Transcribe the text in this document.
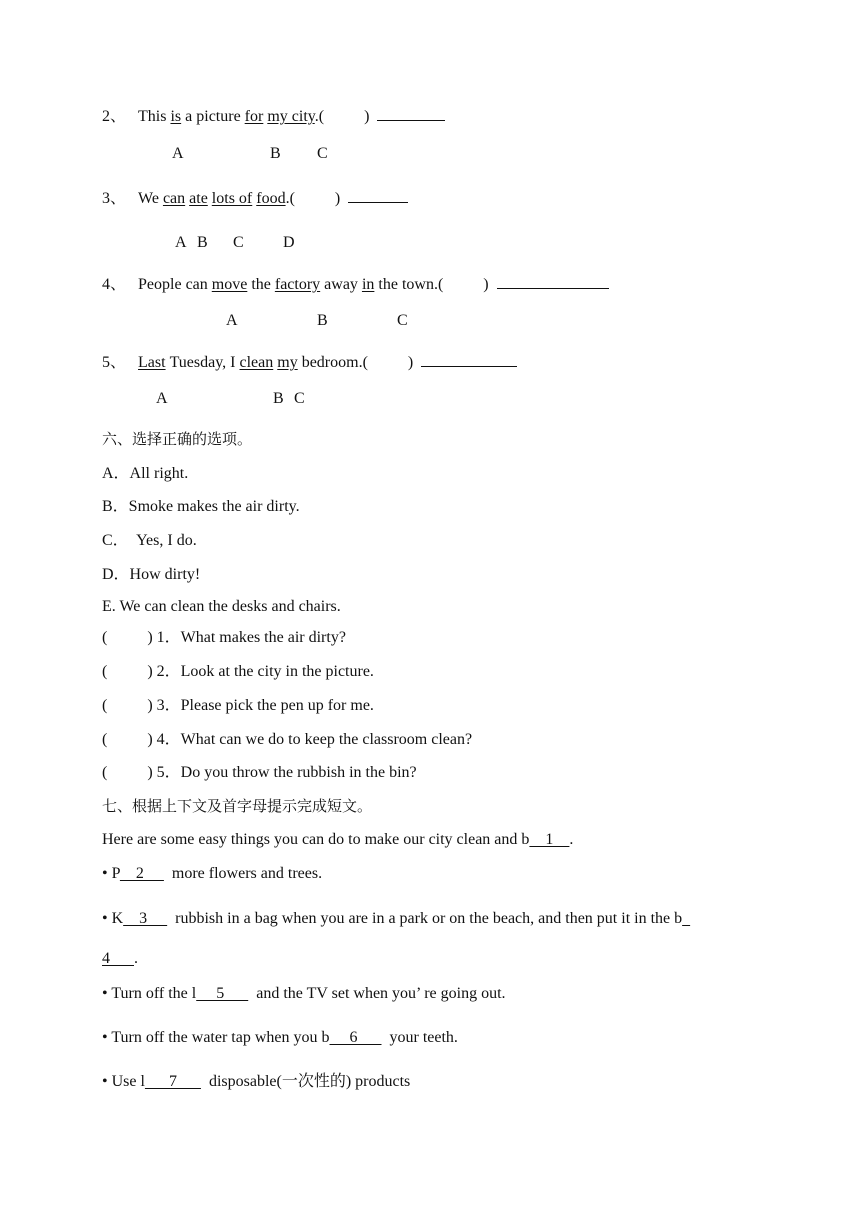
2、 This is a picture for my city.(          )
A	B C
3、 We can ate lots of food.(          )
A B C D
4、 People can move the factory away in the town.(          )
A	B	C
5、 Last Tuesday, I clean my bedroom.(          )
A	B C
六、选择正确的选项。
A．All right.
B．Smoke makes the air dirty.
C．  Yes, I do.
D．How dirty!
E. We can clean the desks and chairs.
(          ) 1．What makes the air dirty?
(          ) 2．Look at the city in the picture.
(          ) 3．Please pick the pen up for me.
(          ) 4．What can we do to keep the classroom clean?
(          ) 5．Do you throw the rubbish in the bin?
七、根据上下文及首字母提示完成短文。
Here are some easy things you can do to make our city clean and b    1    .
• P    2       more flowers and trees.
• K    3       rubbish in a bag when you are in a park or on the beach, and then put it in the b
4      .
• Turn off the l     5        and the TV set when you’ re going out.
• Turn off the water tap when you b     6        your teeth.
• Use l      7        disposable(一次性的) products
